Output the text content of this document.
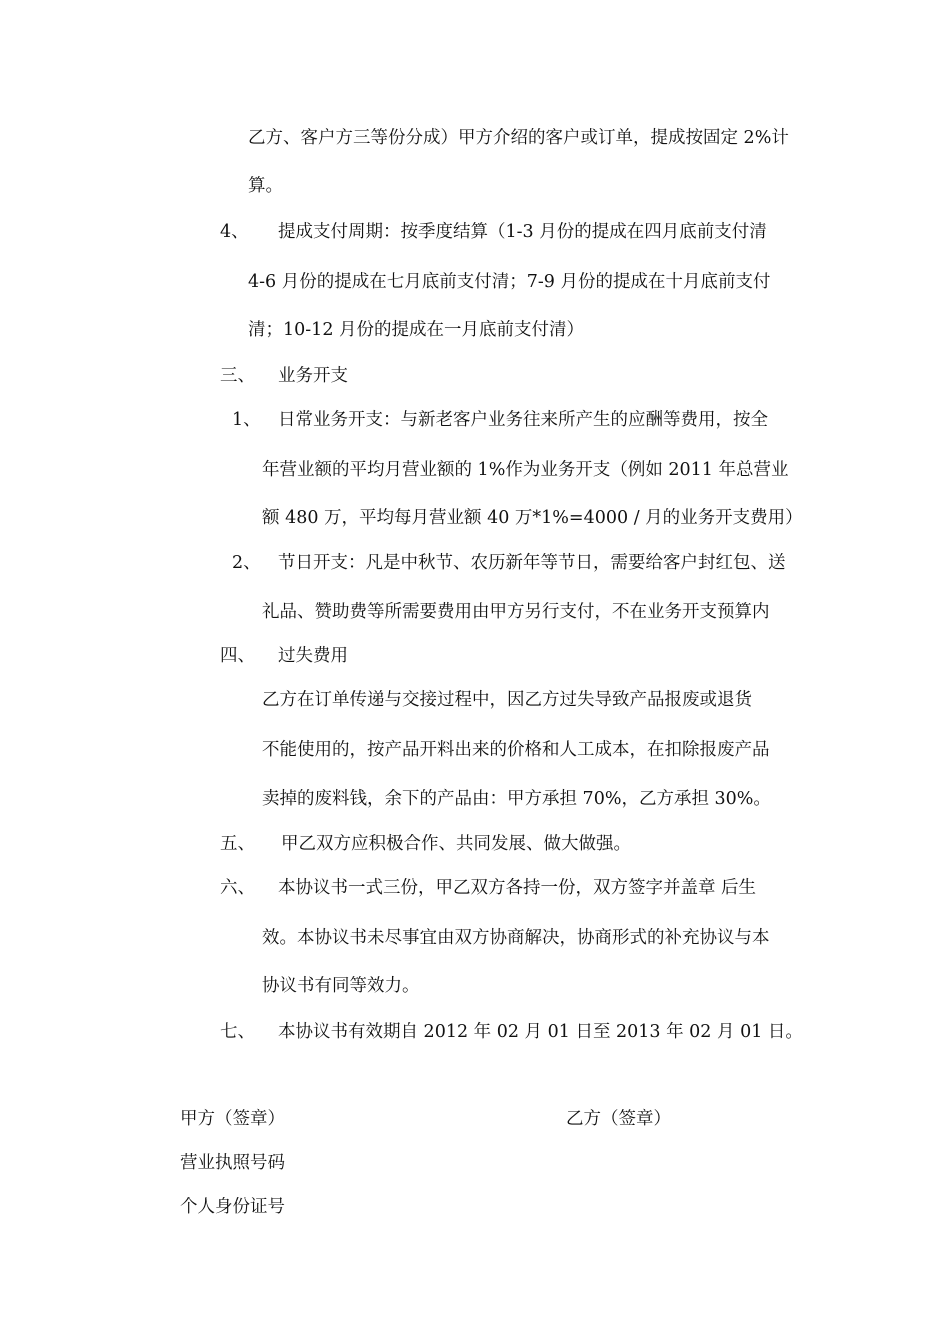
乙方、客户方三等份分成）甲方介绍的客户或订单，提成按固定 2%计
算。
4、 提成支付周期：按季度结算（1-3 月份的提成在四月底前支付清
4-6 月份的提成在七月底前支付清；7-9 月份的提成在十月底前支付
清；10-12 月份的提成在一月底前支付清）
三、 业务开支
1、 日常业务开支：与新老客户业务往来所产生的应酬等费用，按全
年营业额的平均月营业额的 1%作为业务开支（例如 2011 年总营业
额 480 万，平均每月营业额 40 万*1%=4000 / 月的业务开支费用）
2、 节日开支：凡是中秋节、农历新年等节日，需要给客户封红包、送
礼品、赞助费等所需要费用由甲方另行支付，不在业务开支预算内
四、 过失费用
乙方在订单传递与交接过程中，因乙方过失导致产品报废或退货
不能使用的，按产品开料出来的价格和人工成本，在扣除报废产品
卖掉的废料钱，余下的产品由：甲方承担 70%，乙方承担 30%。
五、 甲乙双方应积极合作、共同发展、做大做强。
六、 本协议书一式三份，甲乙双方各持一份，双方签字并盖章 后生
效。本协议书未尽事宜由双方协商解决，协商形式的补充协议与本
协议书有同等效力。
七、 本协议书有效期自 2012 年 02 月 01 日至 2013 年 02 月 01 日。
甲方（签章）	乙方（签章）
营业执照号码
个人身份证号
